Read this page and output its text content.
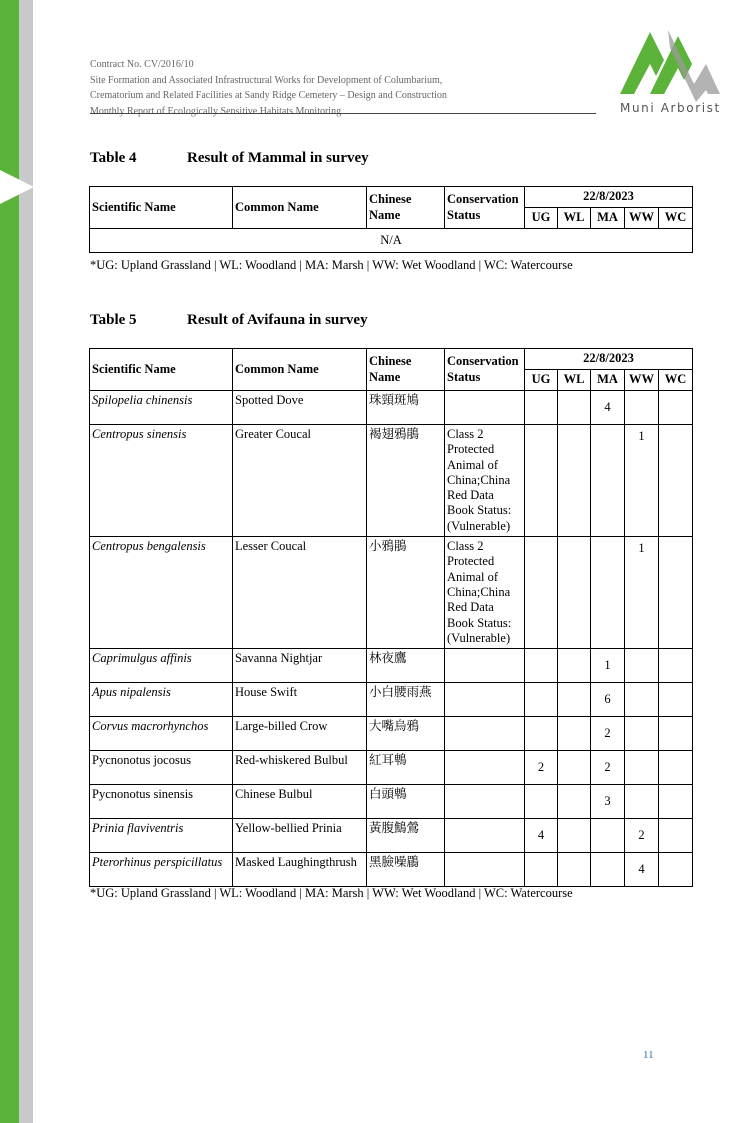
Contract No. CV/2016/10
Site Formation and Associated Infrastructural Works for Development of Columbarium,
Crematorium and Related Facilities at Sandy Ridge Cemetery – Design and Construction
Monthly Report of Ecologically Sensitive Habitats Monitoring	Muni Arborist
Table 4	Result of Mammal in survey
Scientific Name	Common Name	Chinese Name	Conservation Status	22/8/2023				
				UG	WL	MA	WW	WC
N/A								
*UG: Upland Grassland | WL: Woodland | MA: Marsh | WW: Wet Woodland | WC: Watercourse
Table 5	Result of Avifauna in survey
Scientific Name	Common Name	Chinese Name	Conservation Status	22/8/2023				
				UG	WL	MA	WW	WC
Spilopelia chinensis	Spotted Dove	珠頸斑鳩				4		
Centropus sinensis	Greater Coucal	褐翅鴉鵑	Class 2 Protected Animal of China;China Red Data Book Status: (Vulnerable)				1	
Centropus bengalensis	Lesser Coucal	小鴉鵑	Class 2 Protected Animal of China;China Red Data Book Status: (Vulnerable)				1	
Caprimulgus affinis	Savanna Nightjar	林夜鷹				1		
Apus nipalensis	House Swift	小白腰雨燕				6		
Corvus macrorhynchos	Large-billed Crow	大嘴烏鴉				2		
Pycnonotus jocosus	Red-whiskered Bulbul	紅耳鵯		2		2		
Pycnonotus sinensis	Chinese Bulbul	白頭鵯				3		
Prinia flaviventris	Yellow-bellied Prinia	黃腹鷦鶯		4			2	
Pterorhinus perspicillatus	Masked Laughingthrush	黑臉噪鶥					4	
*UG: Upland Grassland | WL: Woodland | MA: Marsh | WW: Wet Woodland | WC: Watercourse
11
